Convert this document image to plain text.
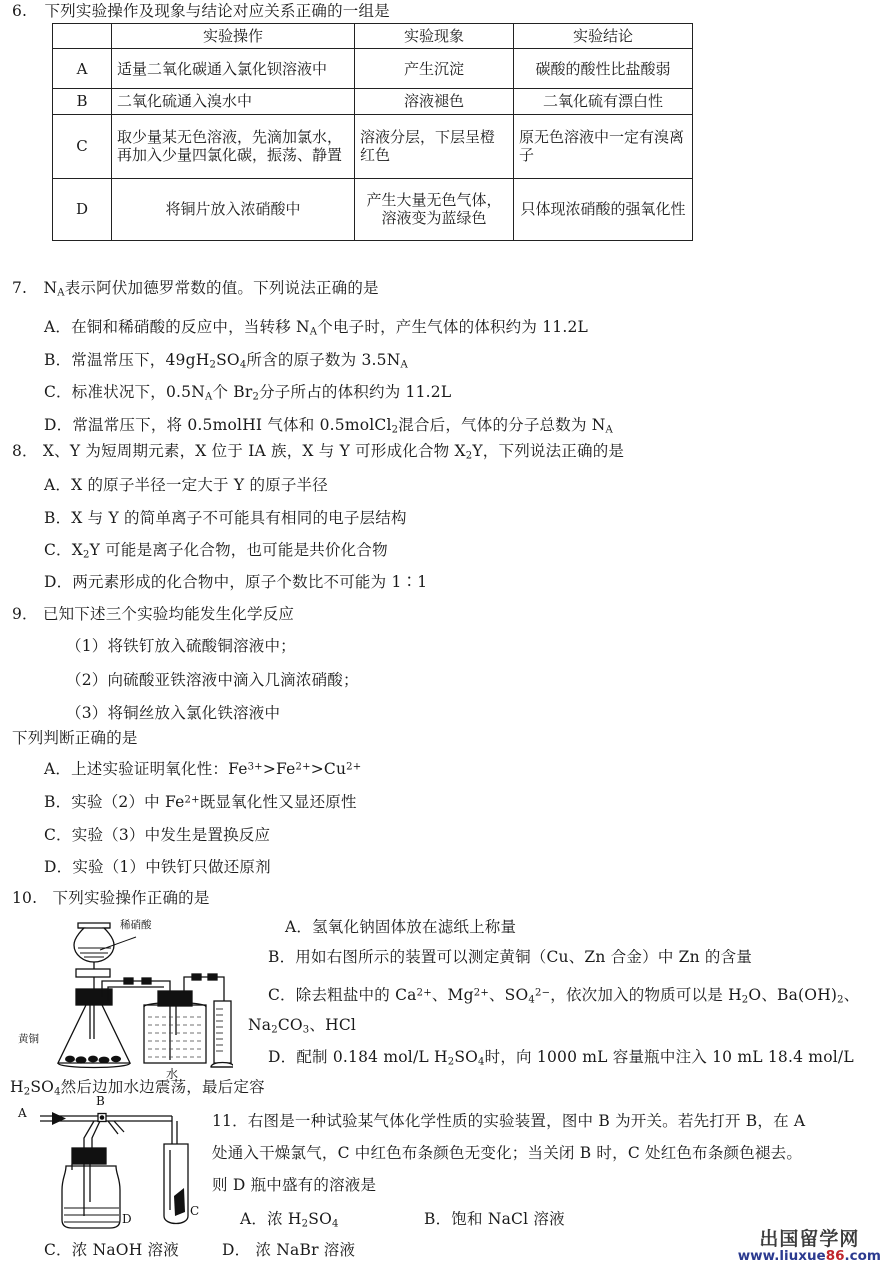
6. 下列实验操作及现象与结论对应关系正确的一组是
	实验操作	实验现象	实验结论
A	适量二氧化碳通入氯化钡溶液中	产生沉淀	碳酸的酸性比盐酸弱
B	二氧化硫通入溴水中	溶液褪色	二氧化硫有漂白性
C	取少量某无色溶液，先滴加氯水，再加入少量四氯化碳，振荡、静置	溶液分层，下层呈橙红色	原无色溶液中一定有溴离子
D	将铜片放入浓硝酸中	产生大量无色气体，溶液变为蓝绿色	只体现浓硝酸的强氧化性
7. $N_A$表示阿伏加德罗常数的值。下列说法正确的是
A．在铜和稀硝酸的反应中，当转移 $N_A$个电子时，产生气体的体积约为 11.2L
B．常温常压下，$49gH_2SO_4$所含的原子数为 $3.5N_A$
C．标准状况下，$0.5N_A$个 $Br_2$分子所占的体积约为 11.2L
D．常温常压下，将 0.5molHI 气体和 0.5molCl$_2$混合后，气体的分子总数为 $N_A$
8． X、Y 为短周期元素，X 位于 IA 族，X 与 Y 可形成化合物 $X_2Y$，下列说法正确的是
A．X 的原子半径一定大于 Y 的原子半径
B．X 与 Y 的简单离子不可能具有相同的电子层结构
C．$X_2Y$ 可能是离子化合物，也可能是共价化合物
D．两元素形成的化合物中，原子个数比不可能为 1∶1
9． 已知下述三个实验均能发生化学反应
（1）将铁钉放入硫酸铜溶液中；
（2）向硫酸亚铁溶液中滴入几滴浓硝酸；
（3）将铜丝放入氯化铁溶液中
下列判断正确的是
A．上述实验证明氧化性：$Fe^{3+}>Fe^{2+}>Cu^{2+}$
B．实验（2）中 $Fe^{2+}$既显氧化性又显还原性
C．实验（3）中发生是置换反应
D．实验（1）中铁钉只做还原剂
10. 下列实验操作正确的是
稀硝酸
黄铜
水
A．氢氧化钠固体放在滤纸上称量
B．用如右图所示的装置可以测定黄铜（Cu、Zn 合金）中 Zn 的含量
C．除去粗盐中的 $Ca^{2+}$、$Mg^{2+}$、$SO_4^{2-}$，依次加入的物质可以是 $H_2O$、$Ba(OH)_2$、
$Na_2CO_3$、HCl
D．配制 0.184 mol/L $H_2SO_4$时，向 1000 mL 容量瓶中注入 10 mL 18.4 mol/L
$H_2SO_4$然后边加水边震荡，最后定容
A
B
D
C
11．右图是一种试验某气体化学性质的实验装置，图中 B 为开关。若先打开 B，在 A
处通入干燥氯气，C 中红色布条颜色无变化；当关闭 B 时，C 处红色布条颜色褪去。
则 D 瓶中盛有的溶液是
A．浓 $H_2SO_4$	B．饱和 NaCl 溶液
C．浓 NaOH 溶液	D． 浓 NaBr 溶液
出国留学网
www.liuxue86.com
